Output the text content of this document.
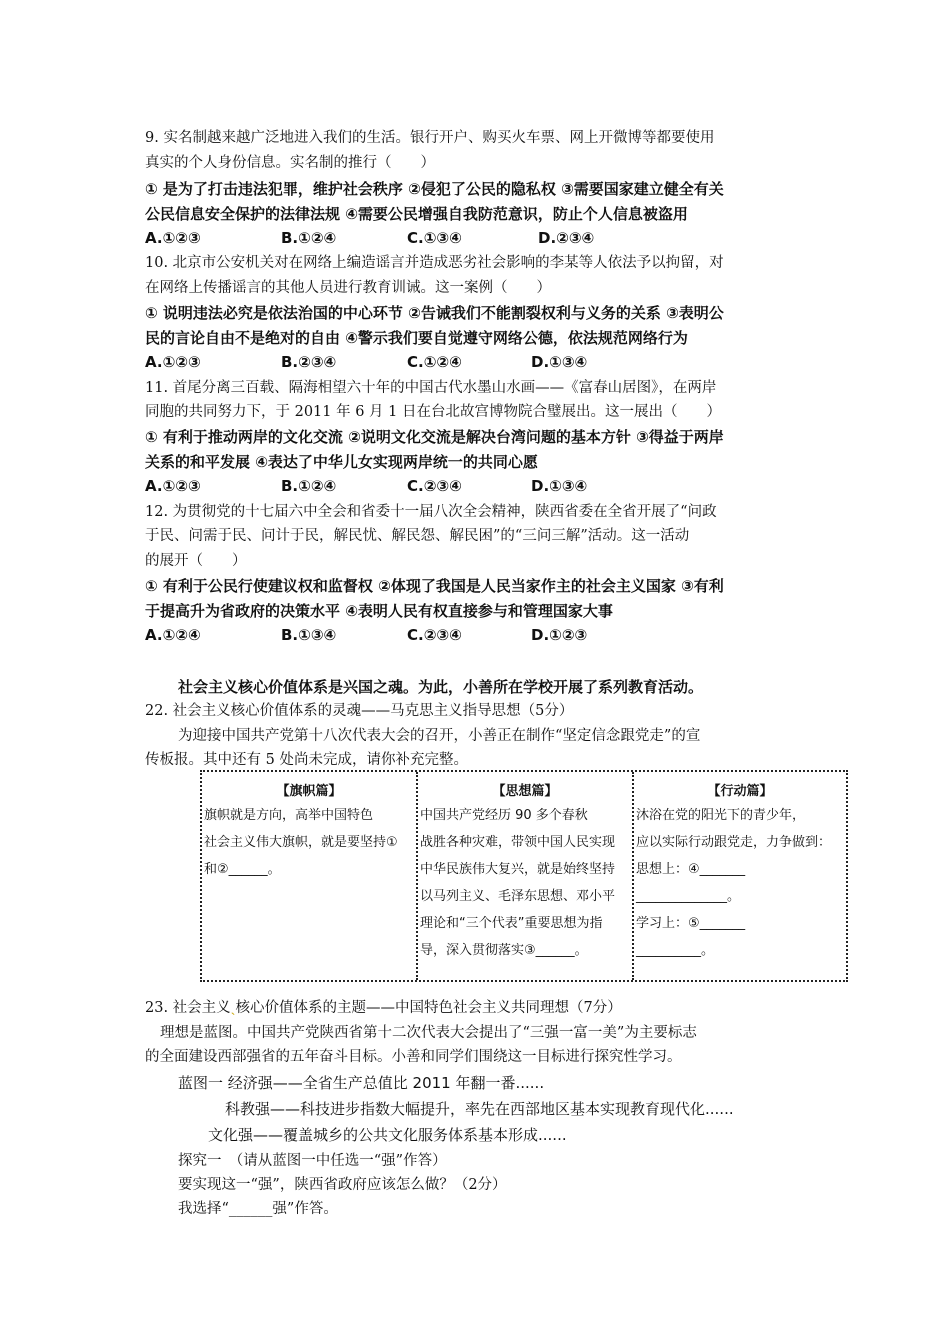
9. 实名制越来越广泛地进入我们的生活。银行开户、购买火车票、网上开微博等都要使用
真实的个人身份信息。实名制的推行（　　）
① 是为了打击违法犯罪，维护社会秩序 ②侵犯了公民的隐私权 ③需要国家建立健全有关
公民信息安全保护的法律法规 ④需要公民增强自我防范意识，防止个人信息被盗用
A.①②③	B.①②④	C.①③④	D.②③④
10. 北京市公安机关对在网络上编造谣言并造成恶劣社会影响的李某等人依法予以拘留，对
在网络上传播谣言的其他人员进行教育训诫。这一案例（　　）
① 说明违法必究是依法治国的中心环节 ②告诫我们不能割裂权利与义务的关系 ③表明公
民的言论自由不是绝对的自由 ④警示我们要自觉遵守网络公德，依法规范网络行为
A.①②③	B.②③④	C.①②④	D.①③④
11. 首尾分离三百载、隔海相望六十年的中国古代水墨山水画——《富春山居图》，在两岸
同胞的共同努力下，于 2011 年 6 月 1 日在台北故宫博物院合璧展出。这一展出（　　）
① 有利于推动两岸的文化交流 ②说明文化交流是解决台湾问题的基本方针 ③得益于两岸
关系的和平发展 ④表达了中华儿女实现两岸统一的共同心愿
A.①②③	B.①②④	C.②③④	D.①③④
12. 为贯彻党的十七届六中全会和省委十一届八次全会精神，陕西省委在全省开展了“问政
于民、问需于民、问计于民，解民忧、解民怨、解民困”的“三问三解”活动。这一活动
的展开（　　）
① 有利于公民行使建议权和监督权 ②体现了我国是人民当家作主的社会主义国家 ③有利
于提高升为省政府的决策水平 ④表明人民有权直接参与和管理国家大事
A.①②④	B.①③④	C.②③④	D.①②③
社会主义核心价值体系是兴国之魂。为此，小善所在学校开展了系列教育活动。
22. 社会主义核心价值体系的灵魂——马克思主义指导思想（5分）
为迎接中国共产党第十八次代表大会的召开，小善正在制作“坚定信念跟党走”的宣
传板报。其中还有 5 处尚未完成，请你补充完整。
【旗帜篇】
旗帜就是方向，高举中国特色
社会主义伟大旗帜，就是要坚持①
和②______。
【思想篇】
中国共产党经历 90 多个春秋
战胜各种灾难，带领中国人民实现
中华民族伟大复兴，就是始终坚持
以马列主义、毛泽东思想、邓小平
理论和“三个代表”重要思想为指
导，深入贯彻落实③______。
【行动篇】
沐浴在党的阳光下的青少年，
应以实际行动跟党走，力争做到：
思想上：④_______
______________。
学习上：⑤_______
__________。
23. 社会主义ˏ核心价值体系的主题——中国特色社会主义共同理想（7分）
理想是蓝图。中国共产党陕西省第十二次代表大会提出了“三强一富一美”为主要标志
的全面建设西部强省的五年奋斗目标。小善和同学们围绕这一目标进行探究性学习。
蓝图一 经济强——全省生产总值比 2011 年翻一番......
科教强——科技进步指数大幅提升，率先在西部地区基本实现教育现代化......
文化强——覆盖城乡的公共文化服务体系基本形成......
探究一　（请从蓝图一中任选一“强”作答）
要实现这一“强”，陕西省政府应该怎么做？（2分）
我选择“______强”作答。
